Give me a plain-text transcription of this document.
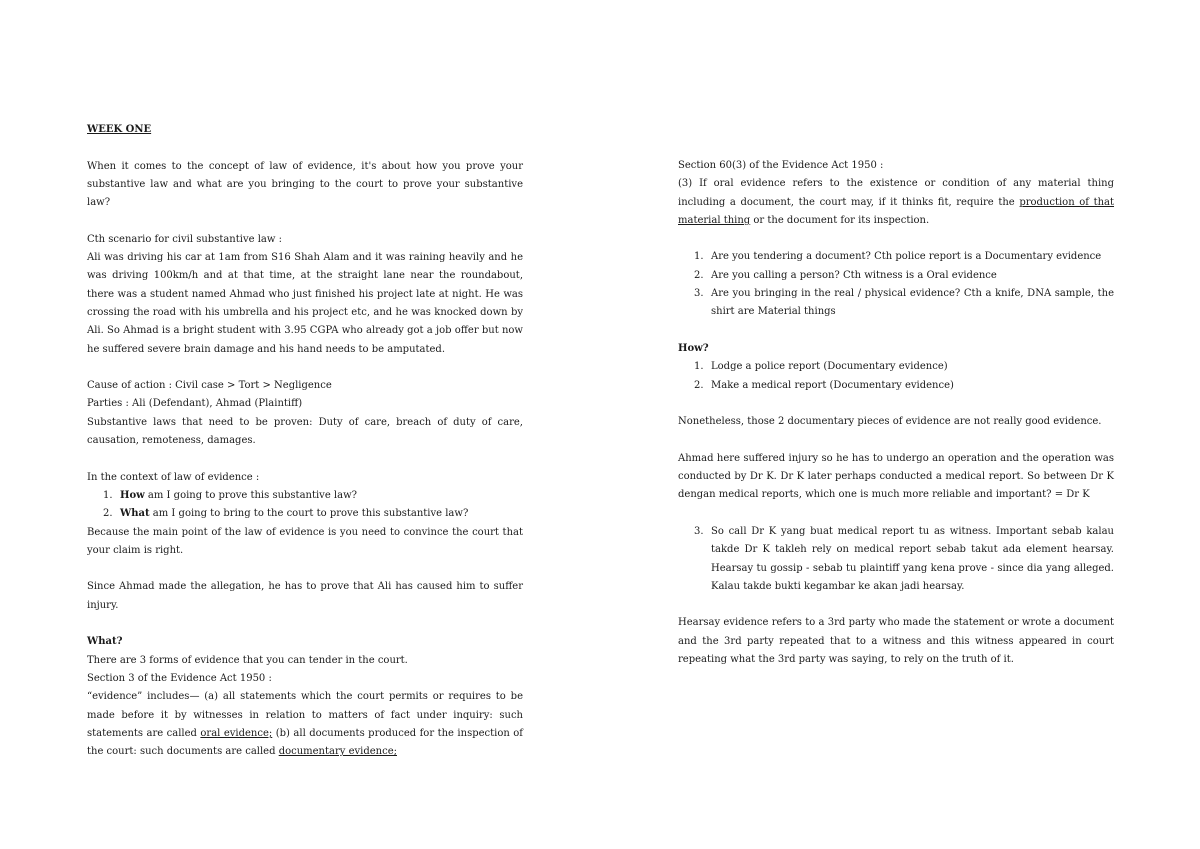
WEEK ONE

When it comes to the concept of law of evidence, it's about how you prove your substantive law and what are you bringing to the court to prove your substantive law?

Cth scenario for civil substantive law :

Ali was driving his car at 1am from S16 Shah Alam and it was raining heavily and he was driving 100km/h and at that time, at the straight lane near the roundabout, there was a student named Ahmad who just finished his project late at night. He was crossing the road with his umbrella and his project etc, and he was knocked down by Ali. So Ahmad is a bright student with 3.95 CGPA who already got a job offer but now he suffered severe brain damage and his hand needs to be amputated.

Cause of action : Civil case > Tort > Negligence

Parties : Ali (Defendant), Ahmad (Plaintiff)

Substantive laws that need to be proven: Duty of care, breach of duty of care, causation, remoteness, damages.

In the context of law of evidence :

1. How am I going to prove this substantive law?
2. What am I going to bring to the court to prove this substantive law?

Because the main point of the law of evidence is you need to convince the court that your claim is right.

Since Ahmad made the allegation, he has to prove that Ali has caused him to suffer injury.

What?

There are 3 forms of evidence that you can tender in the court.

Section 3 of the Evidence Act 1950 :

“evidence” includes— (a) all statements which the court permits or requires to be made before it by witnesses in relation to matters of fact under inquiry: such statements are called oral evidence; (b) all documents produced for the inspection of the court: such documents are called documentary evidence;

Section 60(3) of the Evidence Act 1950 :

(3) If oral evidence refers to the existence or condition of any material thing including a document, the court may, if it thinks fit, require the production of that material thing or the document for its inspection.

1. Are you tendering a document? Cth police report is a Documentary evidence
2. Are you calling a person? Cth witness is a Oral evidence
3. Are you bringing in the real / physical evidence? Cth a knife, DNA sample, the shirt are Material things

How?

1. Lodge a police report (Documentary evidence)
2. Make a medical report (Documentary evidence)

Nonetheless, those 2 documentary pieces of evidence are not really good evidence.

Ahmad here suffered injury so he has to undergo an operation and the operation was conducted by Dr K. Dr K later perhaps conducted a medical report. So between Dr K dengan medical reports, which one is much more reliable and important? = Dr K

3. So call Dr K yang buat medical report tu as witness. Important sebab kalau takde Dr K takleh rely on medical report sebab takut ada element hearsay. Hearsay tu gossip - sebab tu plaintiff yang kena prove - since dia yang alleged. Kalau takde bukti kegambar ke akan jadi hearsay.

Hearsay evidence refers to a 3rd party who made the statement or wrote a document and the 3rd party repeated that to a witness and this witness appeared in court repeating what the 3rd party was saying, to rely on the truth of it.
